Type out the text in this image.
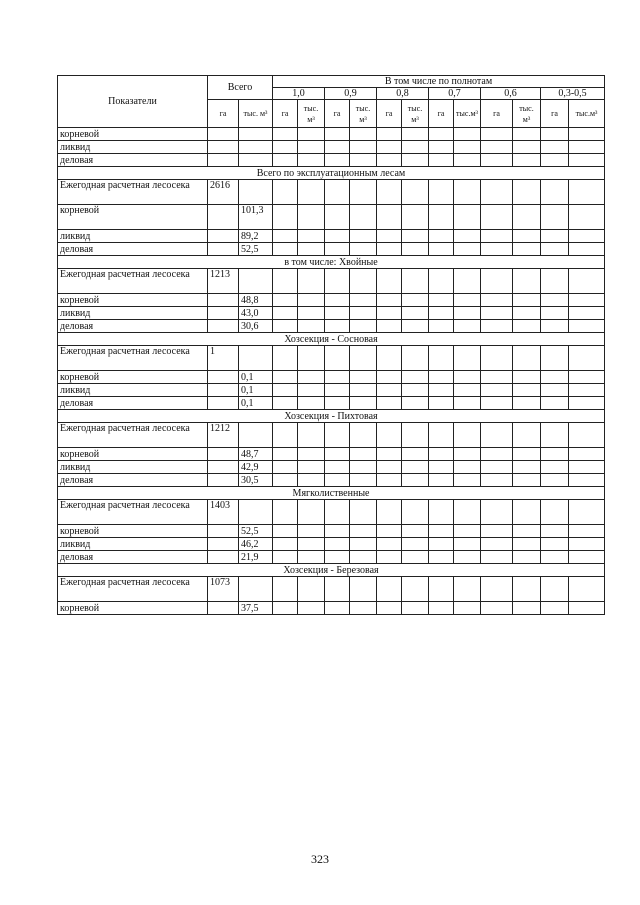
Показатели	Всего		В том числе по полнотам											
			1,0		0,9		0,8		0,7		0,6		0,3-0,5	
	га	тыс. м³	га	тыс. м³	га	тыс. м³	га	тыс. м³	га	тыс.м³	га	тыс. м³	га	тыс.м³
корневой														
ликвид														
деловая														
Всего по эксплуатационным лесам														
Ежегодная расчетная лесосека	2616													
корневой		101,3												
ликвид		89,2												
деловая		52,5												
в том числе: Хвойные														
Ежегодная расчетная лесосека	1213													
корневой		48,8												
ликвид		43,0												
деловая		30,6												
Хозсекция - Сосновая														
Ежегодная расчетная лесосека	1													
корневой		0,1												
ликвид		0,1												
деловая		0,1												
Хозсекция - Пихтовая														
Ежегодная расчетная лесосека	1212													
корневой		48,7												
ликвид		42,9												
деловая		30,5												
Мягколиственные														
Ежегодная расчетная лесосека	1403													
корневой		52,5												
ликвид		46,2												
деловая		21,9												
Хозсекция - Березовая														
Ежегодная расчетная лесосека	1073													
корневой		37,5												
323
